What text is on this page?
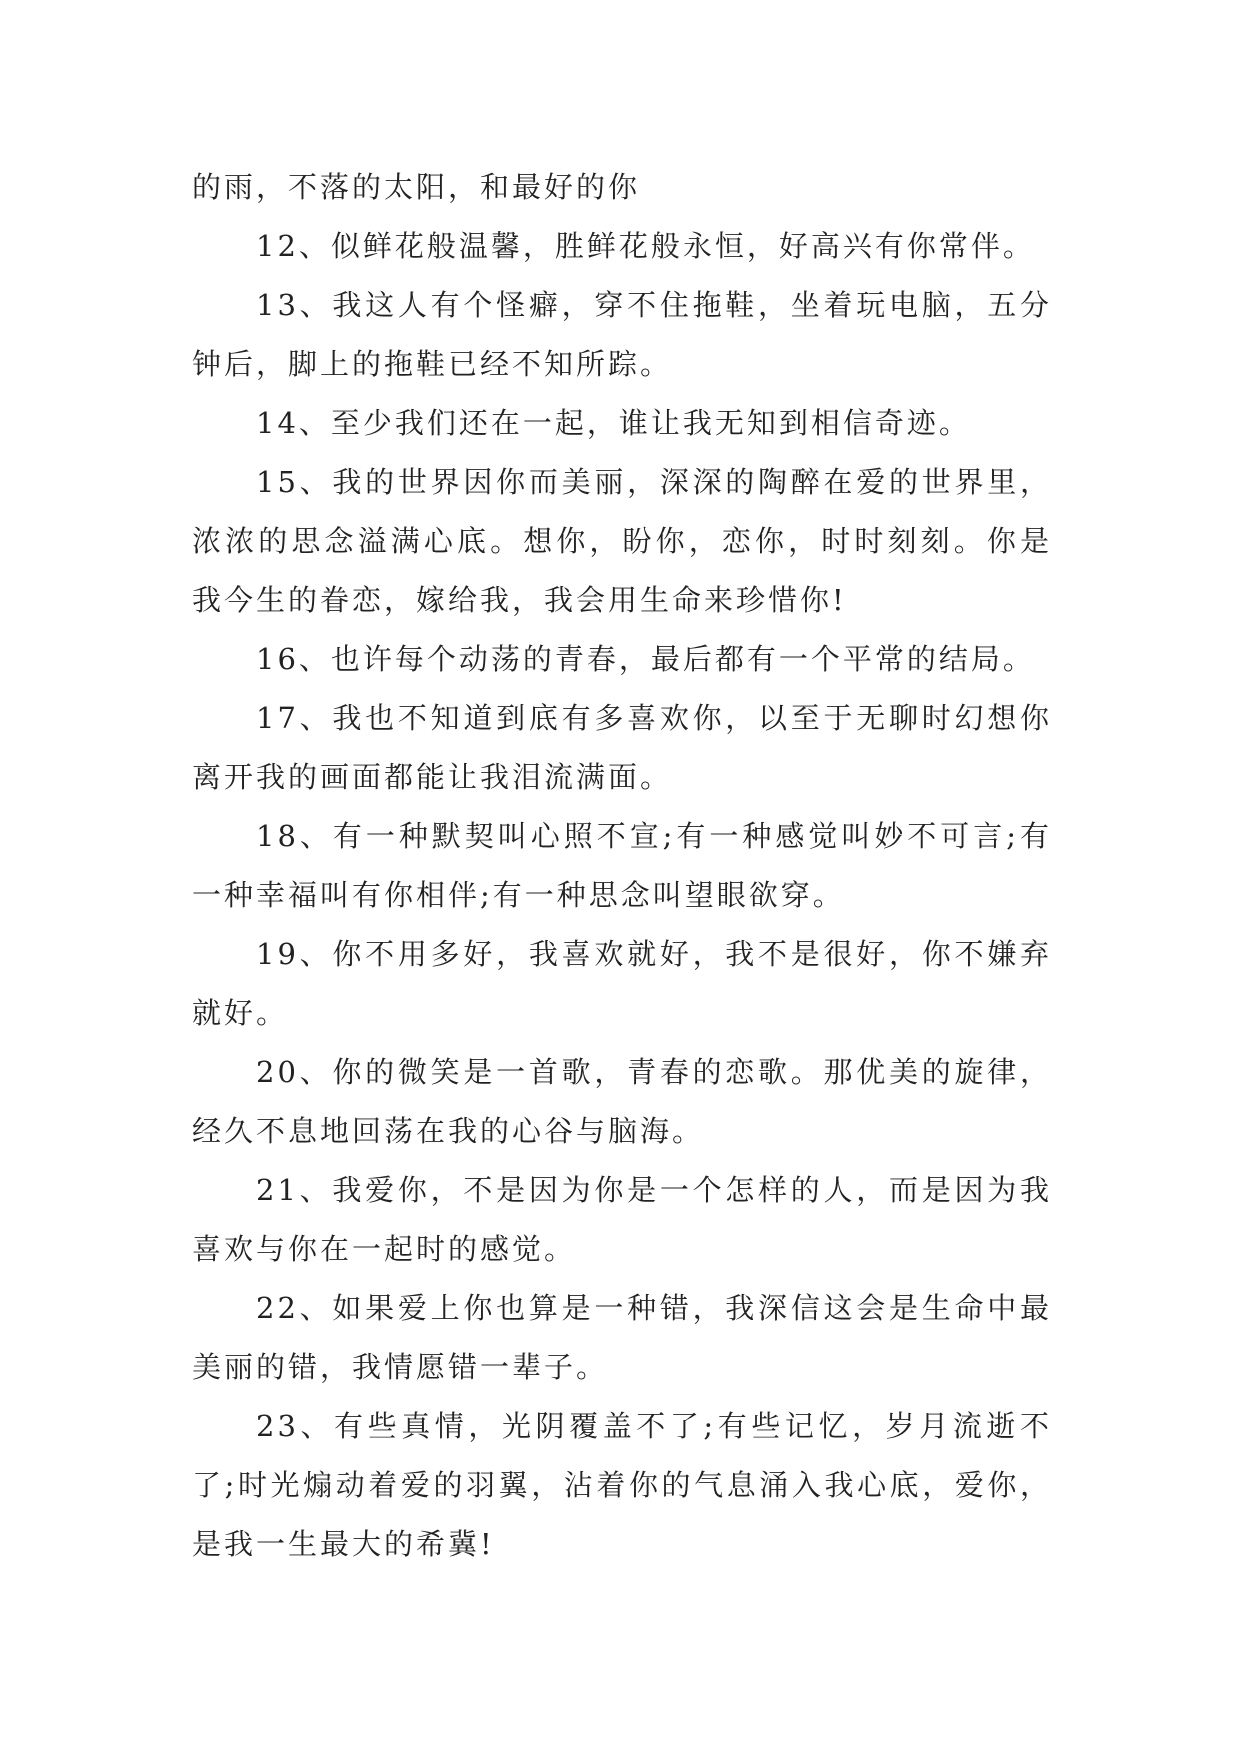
的雨，不落的太阳，和最好的你

12、似鲜花般温馨，胜鲜花般永恒，好高兴有你常伴。

13、我这人有个怪癖，穿不住拖鞋，坐着玩电脑，五分钟后，脚上的拖鞋已经不知所踪。

14、至少我们还在一起，谁让我无知到相信奇迹。

15、我的世界因你而美丽，深深的陶醉在爱的世界里，浓浓的思念溢满心底。想你，盼你，恋你，时时刻刻。你是我今生的眷恋，嫁给我，我会用生命来珍惜你!

16、也许每个动荡的青春，最后都有一个平常的结局。

17、我也不知道到底有多喜欢你，以至于无聊时幻想你离开我的画面都能让我泪流满面。

18、有一种默契叫心照不宣;有一种感觉叫妙不可言;有一种幸福叫有你相伴;有一种思念叫望眼欲穿。

19、你不用多好，我喜欢就好，我不是很好，你不嫌弃就好。

20、你的微笑是一首歌，青春的恋歌。那优美的旋律，经久不息地回荡在我的心谷与脑海。

21、我爱你，不是因为你是一个怎样的人，而是因为我喜欢与你在一起时的感觉。

22、如果爱上你也算是一种错，我深信这会是生命中最美丽的错，我情愿错一辈子。

23、有些真情，光阴覆盖不了;有些记忆，岁月流逝不了;时光煽动着爱的羽翼，沾着你的气息涌入我心底，爱你，是我一生最大的希冀!
